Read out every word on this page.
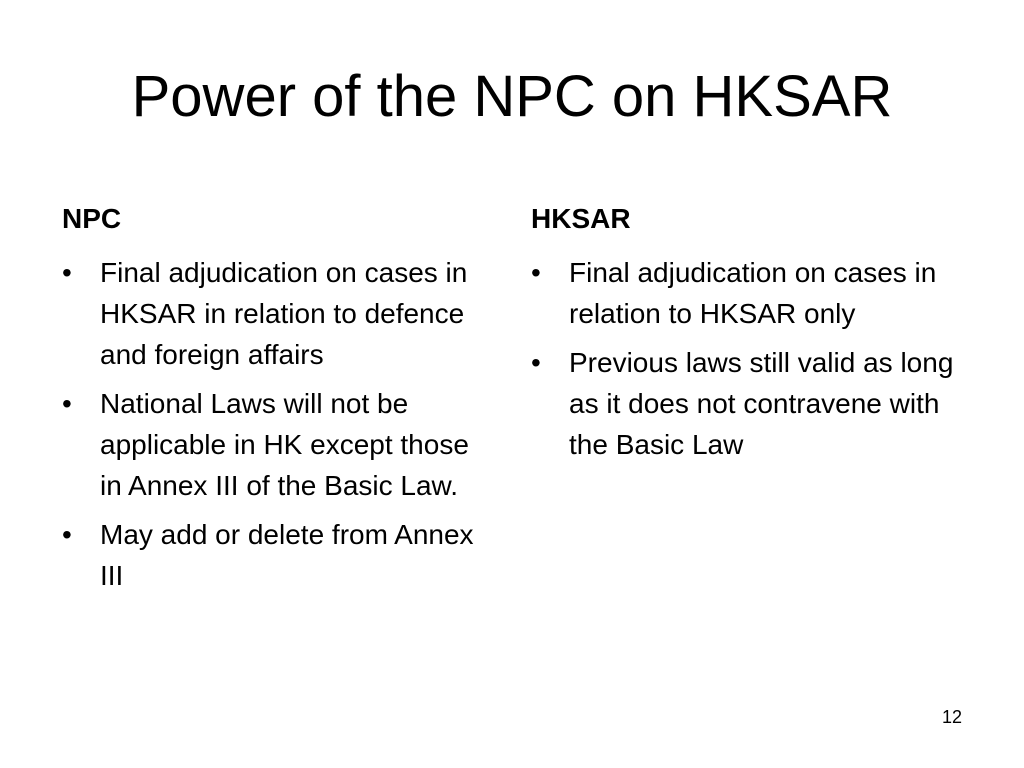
Power of the NPC on HKSAR
NPC
•	Final adjudication on cases in HKSAR in relation to defence and foreign affairs
•	National Laws will not be applicable in HK except those in Annex III of the Basic Law.
•	May add or delete from Annex III
HKSAR
•	Final adjudication on cases in relation to HKSAR only
•	Previous laws still valid as long as it does not contravene with the Basic Law
12
